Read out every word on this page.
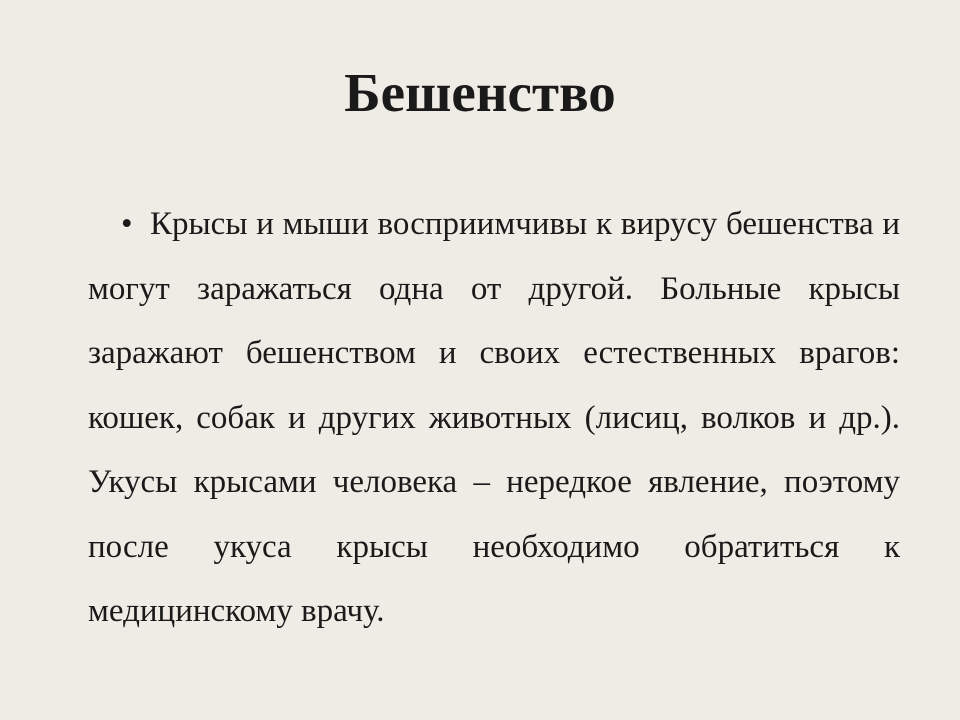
Бешенство
• Крысы и мыши восприимчивы к вирусу бешенства и могут заражаться одна от другой. Больные крысы заражают бешенством и своих естественных врагов: кошек, собак и других животных (лисиц, волков и др.). Укусы крысами человека – нередкое явление, поэтому после укуса крысы необходимо обратиться к медицинскому врачу.
